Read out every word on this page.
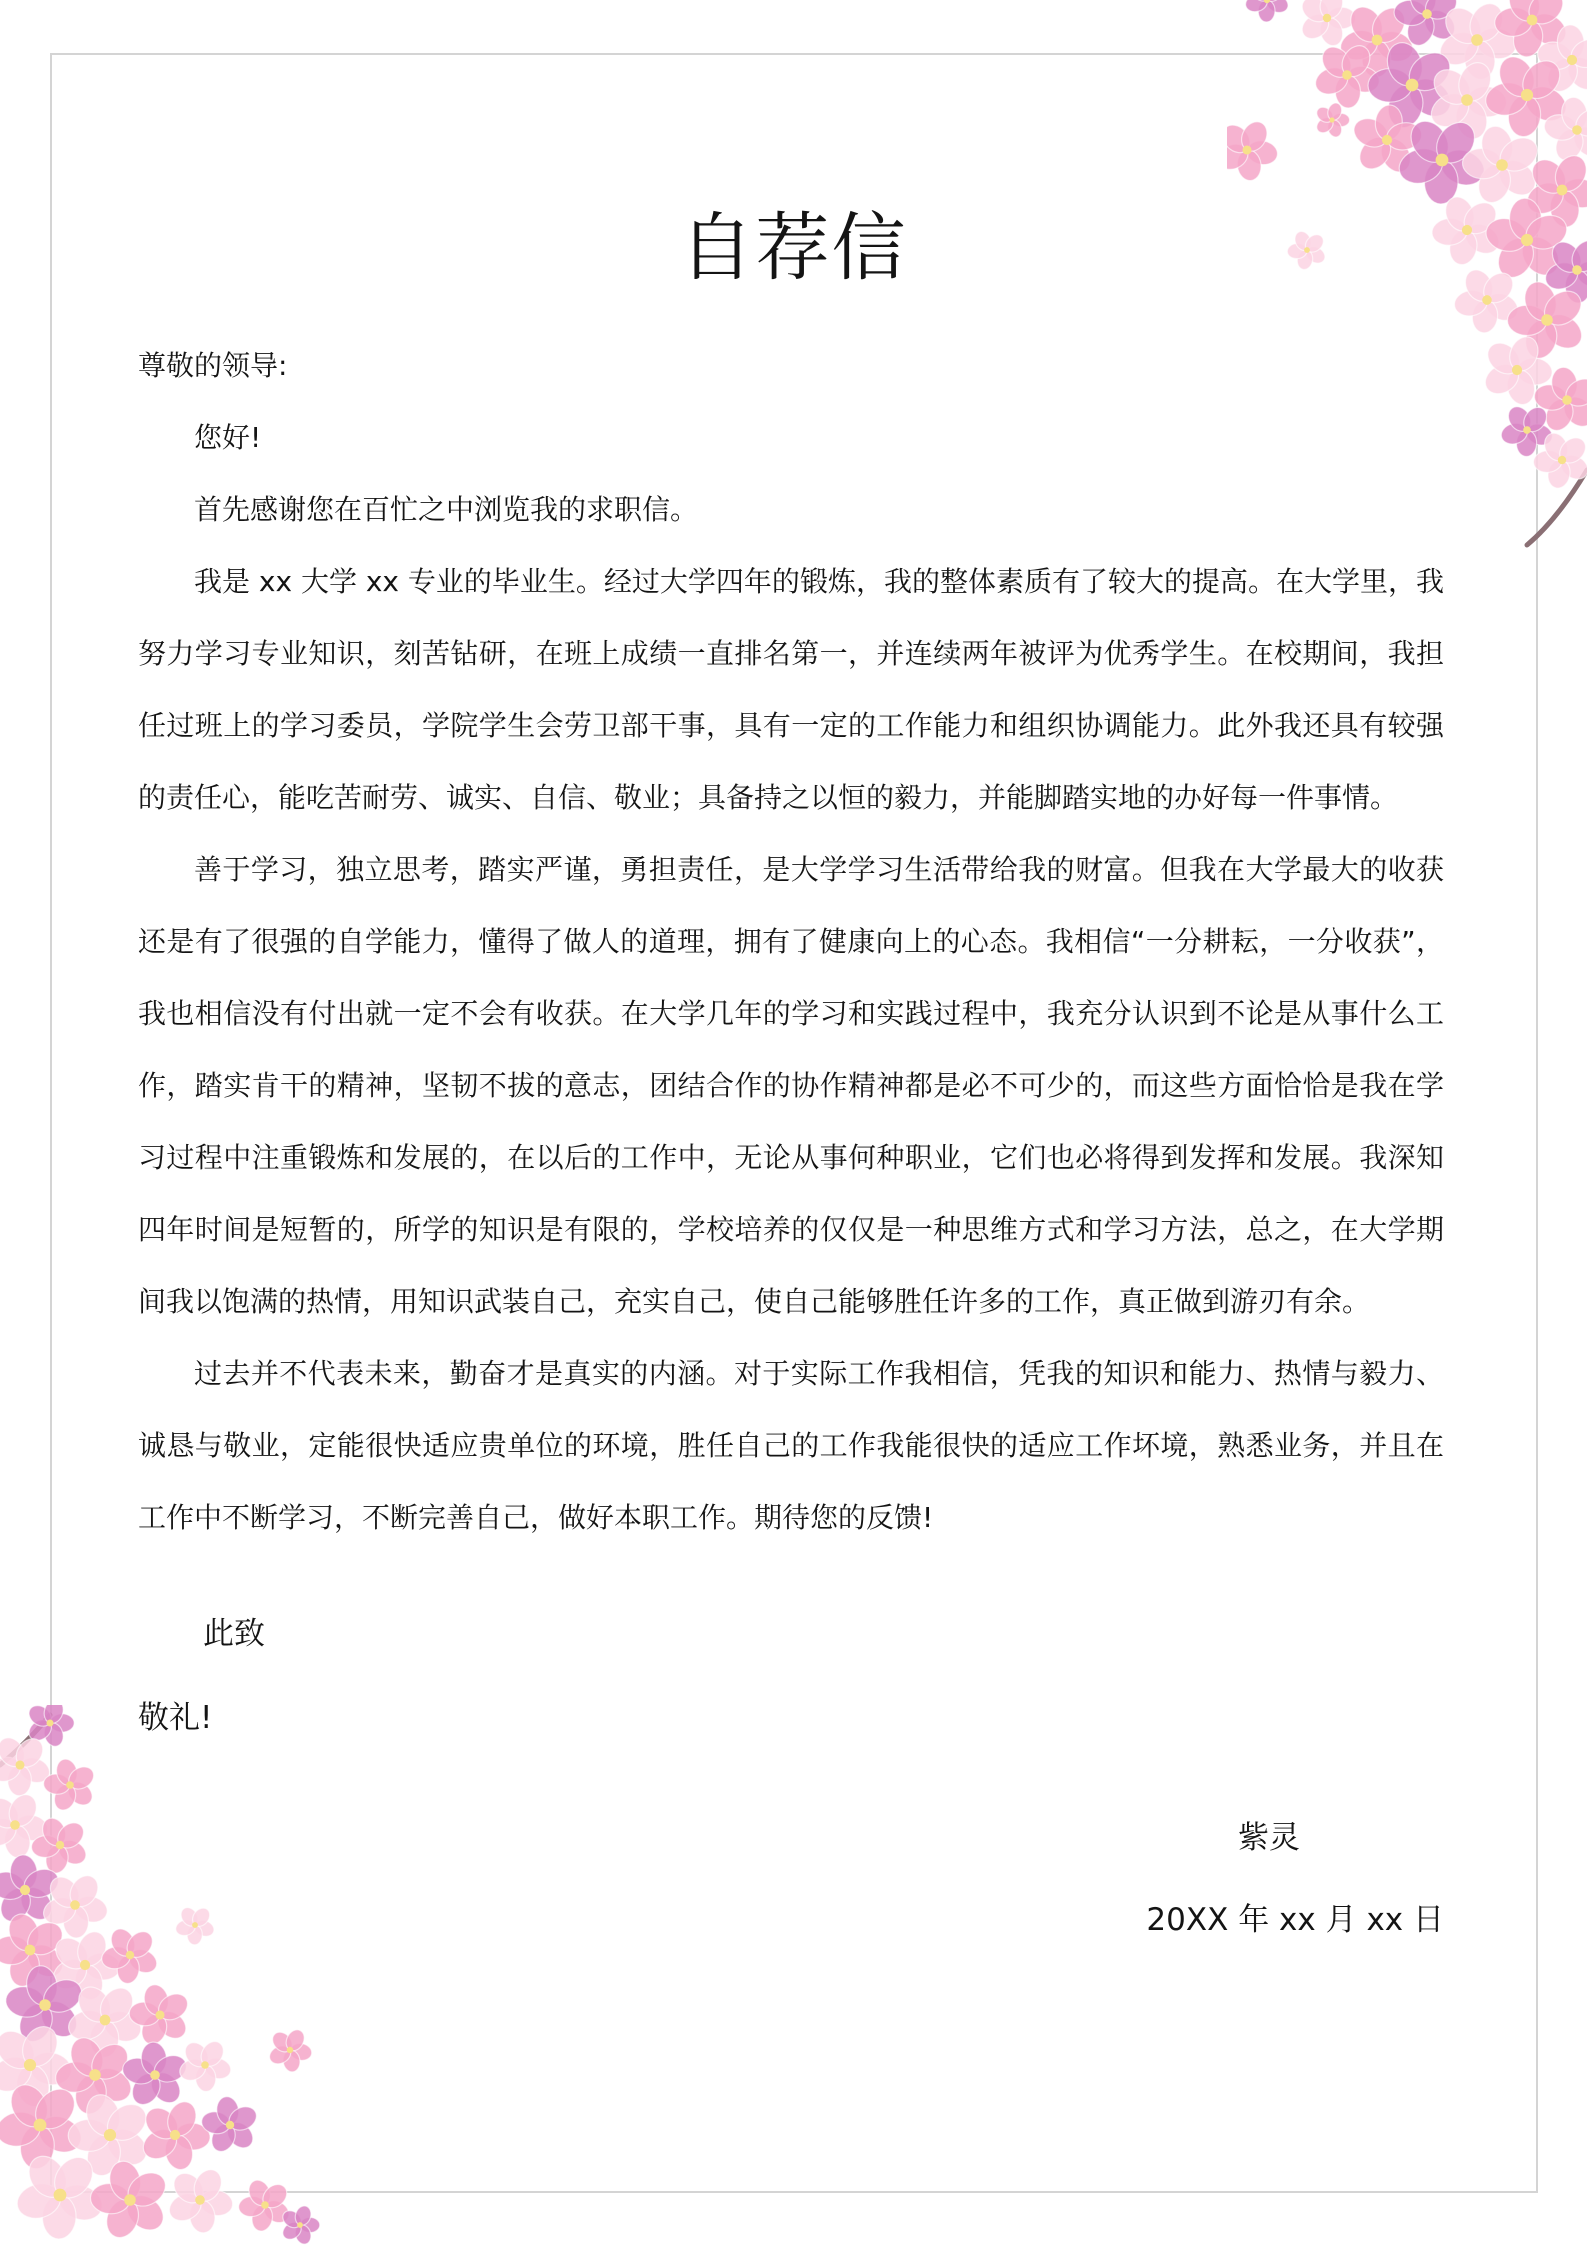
自荐信

尊敬的领导:

您好!

首先感谢您在百忙之中浏览我的求职信。

我是 xx 大学 xx 专业的毕业生。经过大学四年的锻炼，我的整体素质有了较大的提高。在大学里，我努力学习专业知识，刻苦钻研，在班上成绩一直排名第一，并连续两年被评为优秀学生。在校期间，我担任过班上的学习委员，学院学生会劳卫部干事，具有一定的工作能力和组织协调能力。此外我还具有较强的责任心，能吃苦耐劳、诚实、自信、敬业；具备持之以恒的毅力，并能脚踏实地的办好每一件事情。

善于学习，独立思考，踏实严谨，勇担责任，是大学学习生活带给我的财富。但我在大学最大的收获还是有了很强的自学能力，懂得了做人的道理，拥有了健康向上的心态。我相信“一分耕耘，一分收获”，我也相信没有付出就一定不会有收获。在大学几年的学习和实践过程中，我充分认识到不论是从事什么工作，踏实肯干的精神，坚韧不拔的意志，团结合作的协作精神都是必不可少的，而这些方面恰恰是我在学习过程中注重锻炼和发展的，在以后的工作中，无论从事何种职业，它们也必将得到发挥和发展。我深知四年时间是短暂的，所学的知识是有限的，学校培养的仅仅是一种思维方式和学习方法，总之，在大学期间我以饱满的热情，用知识武装自己，充实自己，使自己能够胜任许多的工作，真正做到游刃有余。

过去并不代表未来，勤奋才是真实的内涵。对于实际工作我相信，凭我的知识和能力、热情与毅力、诚恳与敬业，定能很快适应贵单位的环境，胜任自己的工作我能很快的适应工作坏境，熟悉业务，并且在工作中不断学习，不断完善自己，做好本职工作。期待您的反馈!

此致

敬礼!

紫灵

20XX 年 xx 月 xx 日
